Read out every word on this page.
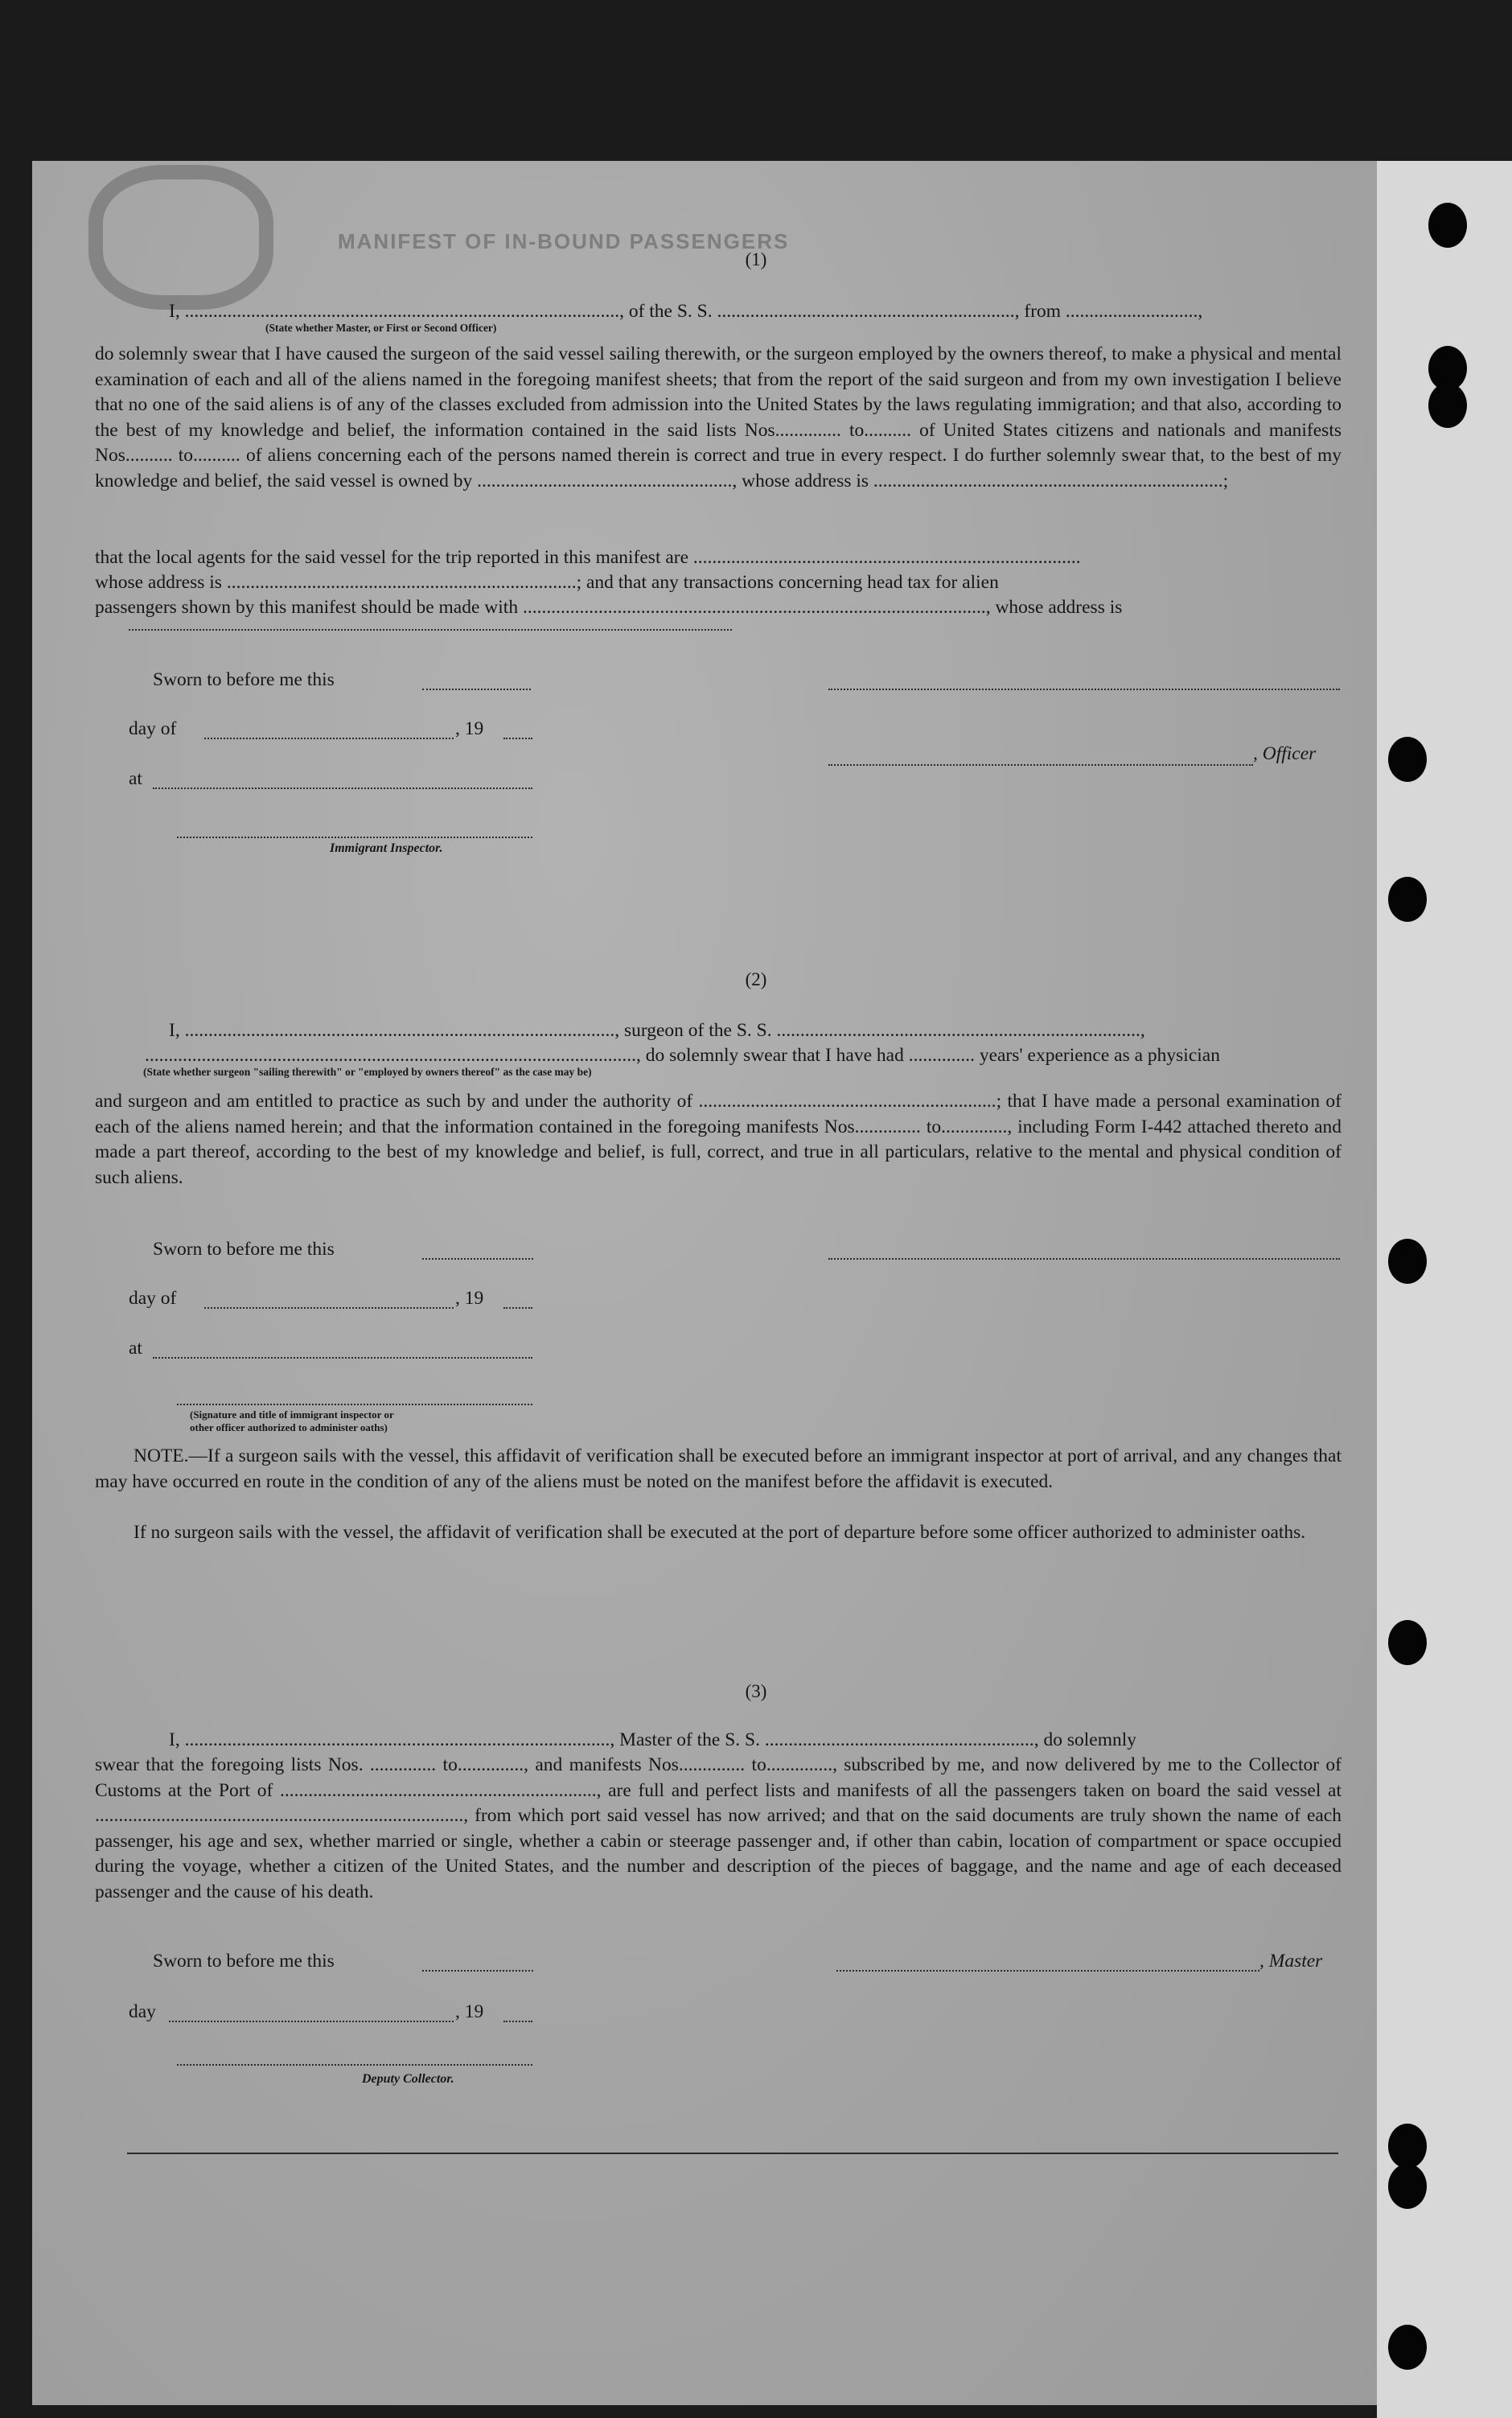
MANIFEST OF IN-BOUND PASSENGERS
(1)
I, ............................................................................................, of the S. S. ..............................................................., from ............................,
(State whether Master, or First or Second Officer)
do solemnly swear that I have caused the surgeon of the said vessel sailing therewith, or the surgeon employed by the owners thereof, to make a physical and mental examination of each and all of the aliens named in the foregoing manifest sheets; that from the report of the said surgeon and from my own investigation I believe that no one of the said aliens is of any of the classes excluded from admission into the United States by the laws regulating immigration; and that also, according to the best of my knowledge and belief, the information contained in the said lists Nos.............. to.......... of United States citizens and nationals and manifests Nos.......... to.......... of aliens concerning each of the persons named therein is correct and true in every respect. I do further solemnly swear that, to the best of my knowledge and belief, the said vessel is owned by ......................................................, whose address is ..........................................................................;
that the local agents for the said vessel for the trip reported in this manifest are ..................................................................................
whose address is ..........................................................................; and that any transactions concerning head tax for alien
passengers shown by this manifest should be made with .................................................................................................., whose address is
Sworn to before me this
day of	, 19
, Officer
at
Immigrant Inspector.
(2)
I, ..........................................................................................., surgeon of the S. S. .............................................................................,
........................................................................................................, do solemnly swear that I have had .............. years' experience as a physician
(State whether surgeon "sailing therewith" or "employed by owners thereof" as the case may be)
and surgeon and am entitled to practice as such by and under the authority of ...............................................................; that I have made a personal examination of each of the aliens named herein; and that the information contained in the foregoing manifests Nos.............. to.............., including Form I-442 attached thereto and made a part thereof, according to the best of my knowledge and belief, is full, correct, and true in all particulars, relative to the mental and physical condition of such aliens.
Sworn to before me this
day of	, 19
at
(Signature and title of immigrant inspector or
other officer authorized to administer oaths)
NOTE.—If a surgeon sails with the vessel, this affidavit of verification shall be executed before an immigrant inspector at port of arrival, and any changes that may have occurred en route in the condition of any of the aliens must be noted on the manifest before the affidavit is executed.
If no surgeon sails with the vessel, the affidavit of verification shall be executed at the port of departure before some officer authorized to administer oaths.
(3)
I, .........................................................................................., Master of the S. S. ........................................................., do solemnly
swear that the foregoing lists Nos. .............. to.............., and manifests Nos.............. to.............., subscribed by me, and now delivered by me to the Collector of Customs at the Port of ..................................................................., are full and perfect lists and manifests of all the passengers taken on board the said vessel at .............................................................................., from which port said vessel has now arrived; and that on the said documents are truly shown the name of each passenger, his age and sex, whether married or single, whether a cabin or steerage passenger and, if other than cabin, location of compartment or space occupied during the voyage, whether a citizen of the United States, and the number and description of the pieces of baggage, and the name and age of each deceased passenger and the cause of his death.
Sworn to before me this	, Master
day	, 19
Deputy Collector.
